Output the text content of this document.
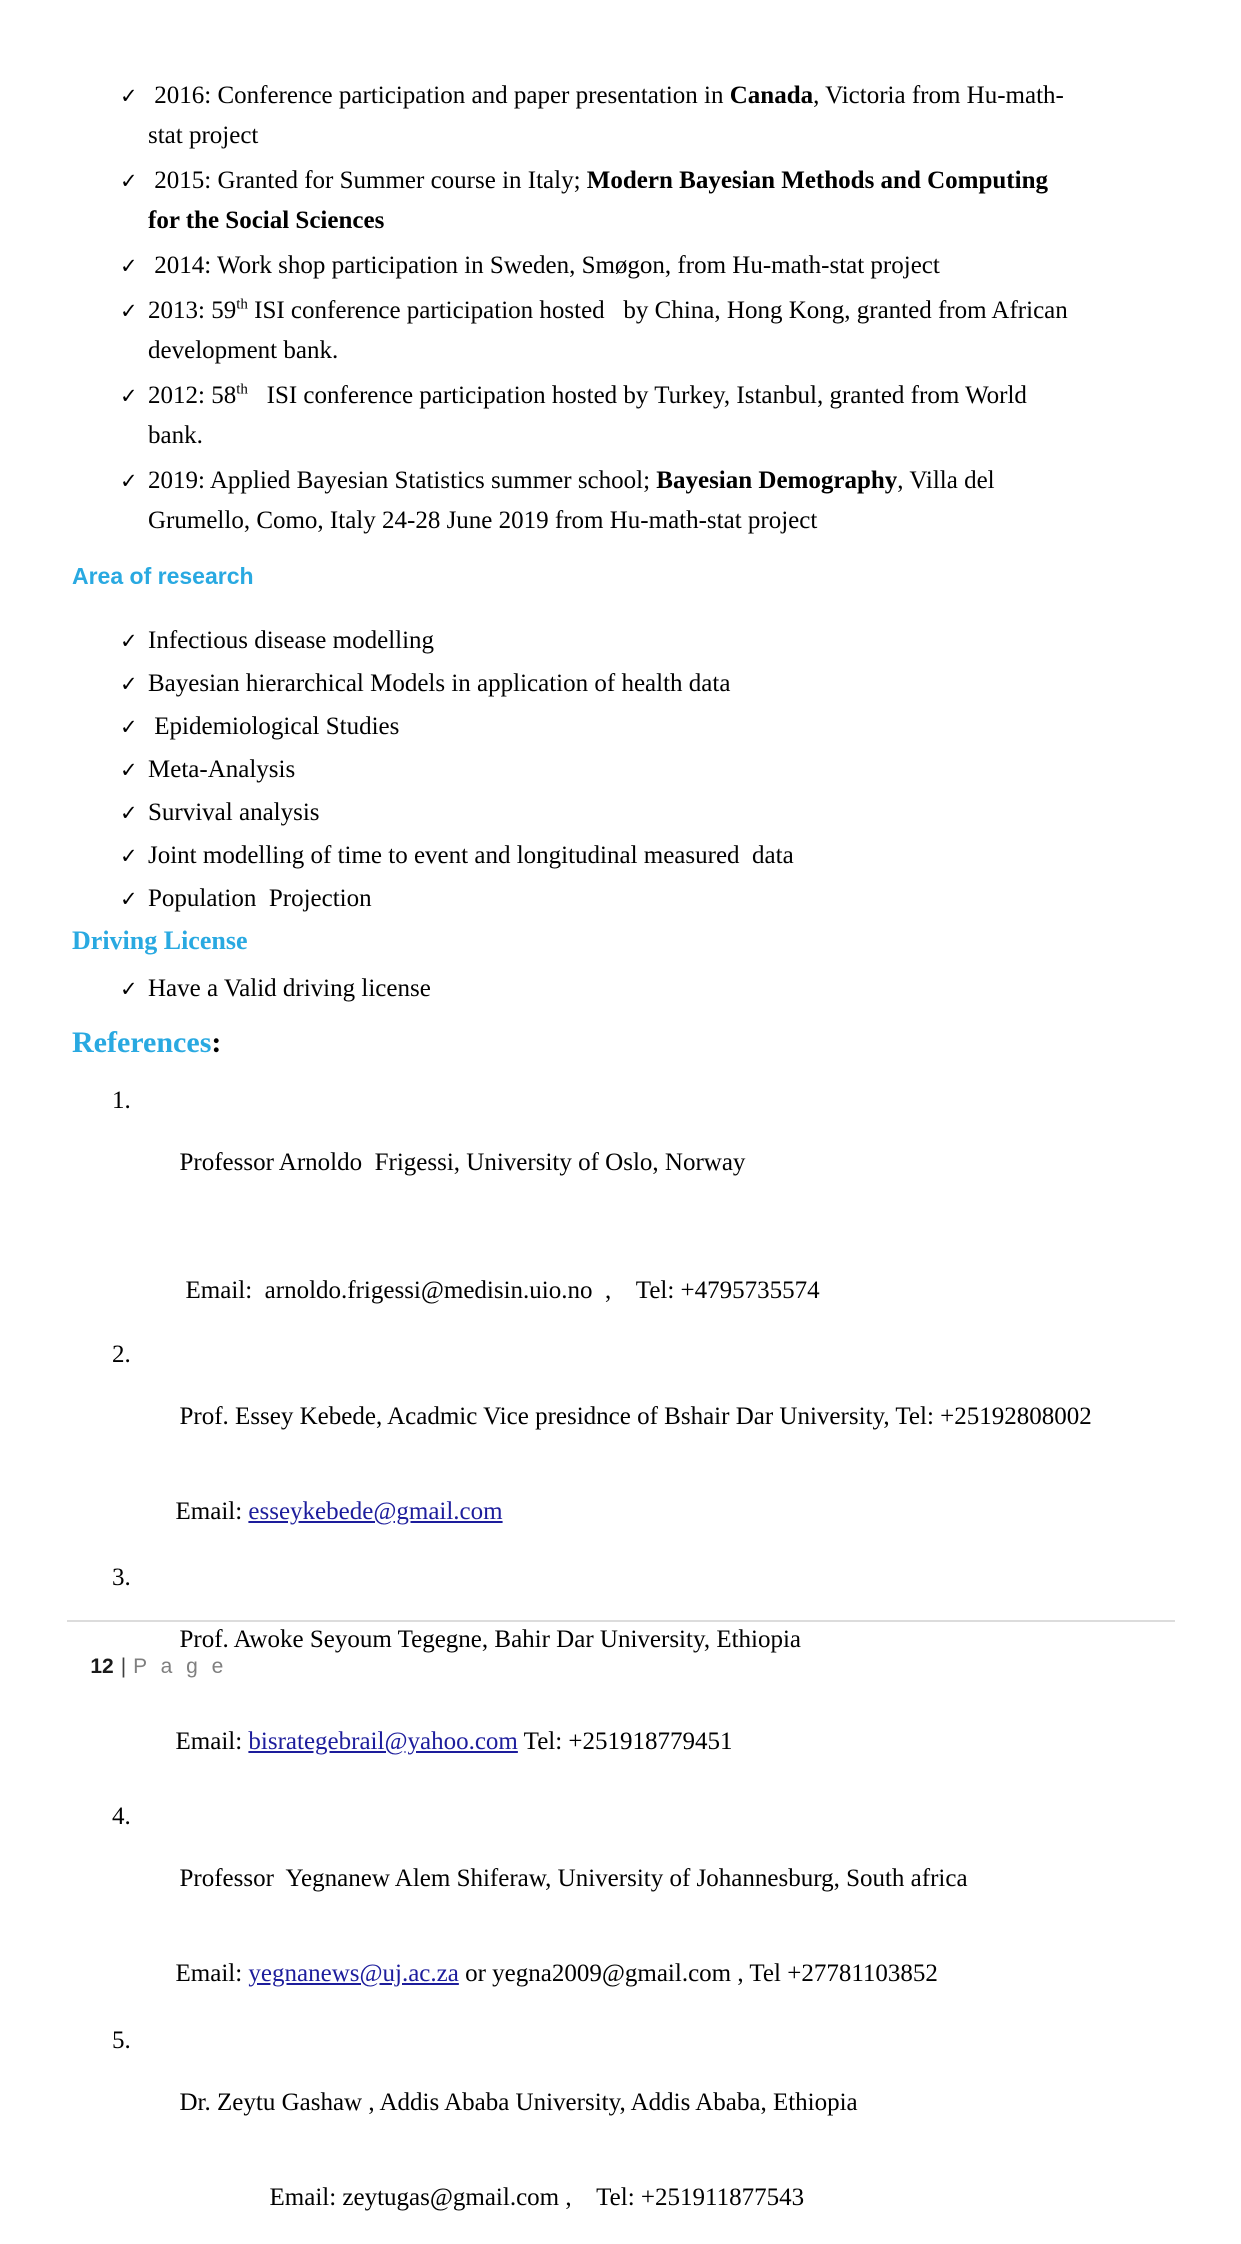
✓ 2016: Conference participation and paper presentation in Canada, Victoria from Hu-math-

stat project

✓ 2015: Granted for Summer course in Italy; Modern Bayesian Methods and Computing

for the Social Sciences

✓ 2014: Work shop participation in Sweden, Smøgon, from Hu-math-stat project

✓ 2013: 59th ISI conference participation hosted   by China, Hong Kong, granted from African

development bank.

✓ 2012: 58th   ISI conference participation hosted by Turkey, Istanbul, granted from World

bank.

✓ 2019: Applied Bayesian Statistics summer school; Bayesian Demography, Villa del

Grumello, Como, Italy 24-28 June 2019 from Hu-math-stat project

Area of research
✓ Infectious disease modelling

✓ Bayesian hierarchical Models in application of health data

✓ Epidemiological Studies

✓ Meta-Analysis

✓ Survival analysis

✓ Joint modelling of time to event and longitudinal measured  data

✓ Population  Projection

Driving License
✓ Have a Valid driving license

References:

1.

Professor Arnoldo  Frigessi, University of Oslo, Norway

Email:  arnoldo.frigessi@medisin.uio.no  ,    Tel: +4795735574

2.

Prof. Essey Kebede, Acadmic Vice presidnce of Bshair Dar University, Tel: +25192808002

Email: esseykebede@gmail.com

3.

Prof. Awoke Seyoum Tegegne, Bahir Dar University, Ethiopia

Email: bisrategebrail@yahoo.com Tel: +251918779451

4.

Professor  Yegnanew Alem Shiferaw, University of Johannesburg, South africa

Email: yegnanews@uj.ac.za or yegna2009@gmail.com , Tel +27781103852

5.

Dr. Zeytu Gashaw , Addis Ababa University, Addis Ababa, Ethiopia

Email: zeytugas@gmail.com ,    Tel: +251911877543

12 | P a g e
